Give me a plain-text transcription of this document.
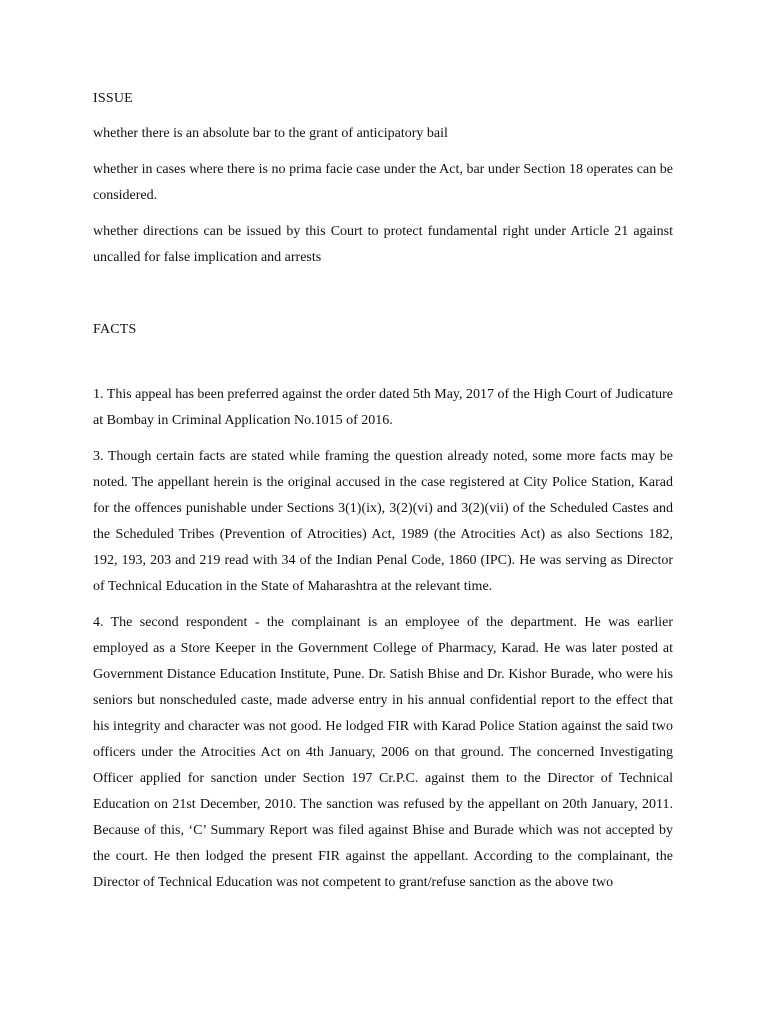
ISSUE

whether there is an absolute bar to the grant of anticipatory bail

whether in cases where there is no prima facie case under the Act, bar under Section 18 operates can be considered.

whether directions can be issued by this Court to protect fundamental right under Article 21 against uncalled for false implication and arrests

FACTS

1. This appeal has been preferred against the order dated 5th May, 2017 of the High Court of Judicature at Bombay in Criminal Application No.1015 of 2016.

3. Though certain facts are stated while framing the question already noted, some more facts may be noted. The appellant herein is the original accused in the case registered at City Police Station, Karad for the offences punishable under Sections 3(1)(ix), 3(2)(vi) and 3(2)(vii) of the Scheduled Castes and the Scheduled Tribes (Prevention of Atrocities) Act, 1989 (the Atrocities Act) as also Sections 182, 192, 193, 203 and 219 read with 34 of the Indian Penal Code, 1860 (IPC). He was serving as Director of Technical Education in the State of Maharashtra at the relevant time.

4. The second respondent - the complainant is an employee of the department. He was earlier employed as a Store Keeper in the Government College of Pharmacy, Karad. He was later posted at Government Distance Education Institute, Pune. Dr. Satish Bhise and Dr. Kishor Burade, who were his seniors but nonscheduled caste, made adverse entry in his annual confidential report to the effect that his integrity and character was not good. He lodged FIR with Karad Police Station against the said two officers under the Atrocities Act on 4th January, 2006 on that ground. The concerned Investigating Officer applied for sanction under Section 197 Cr.P.C. against them to the Director of Technical Education on 21st December, 2010. The sanction was refused by the appellant on 20th January, 2011. Because of this, ‘C’ Summary Report was filed against Bhise and Burade which was not accepted by the court. He then lodged the present FIR against the appellant. According to the complainant, the Director of Technical Education was not competent to grant/refuse sanction as the above two
